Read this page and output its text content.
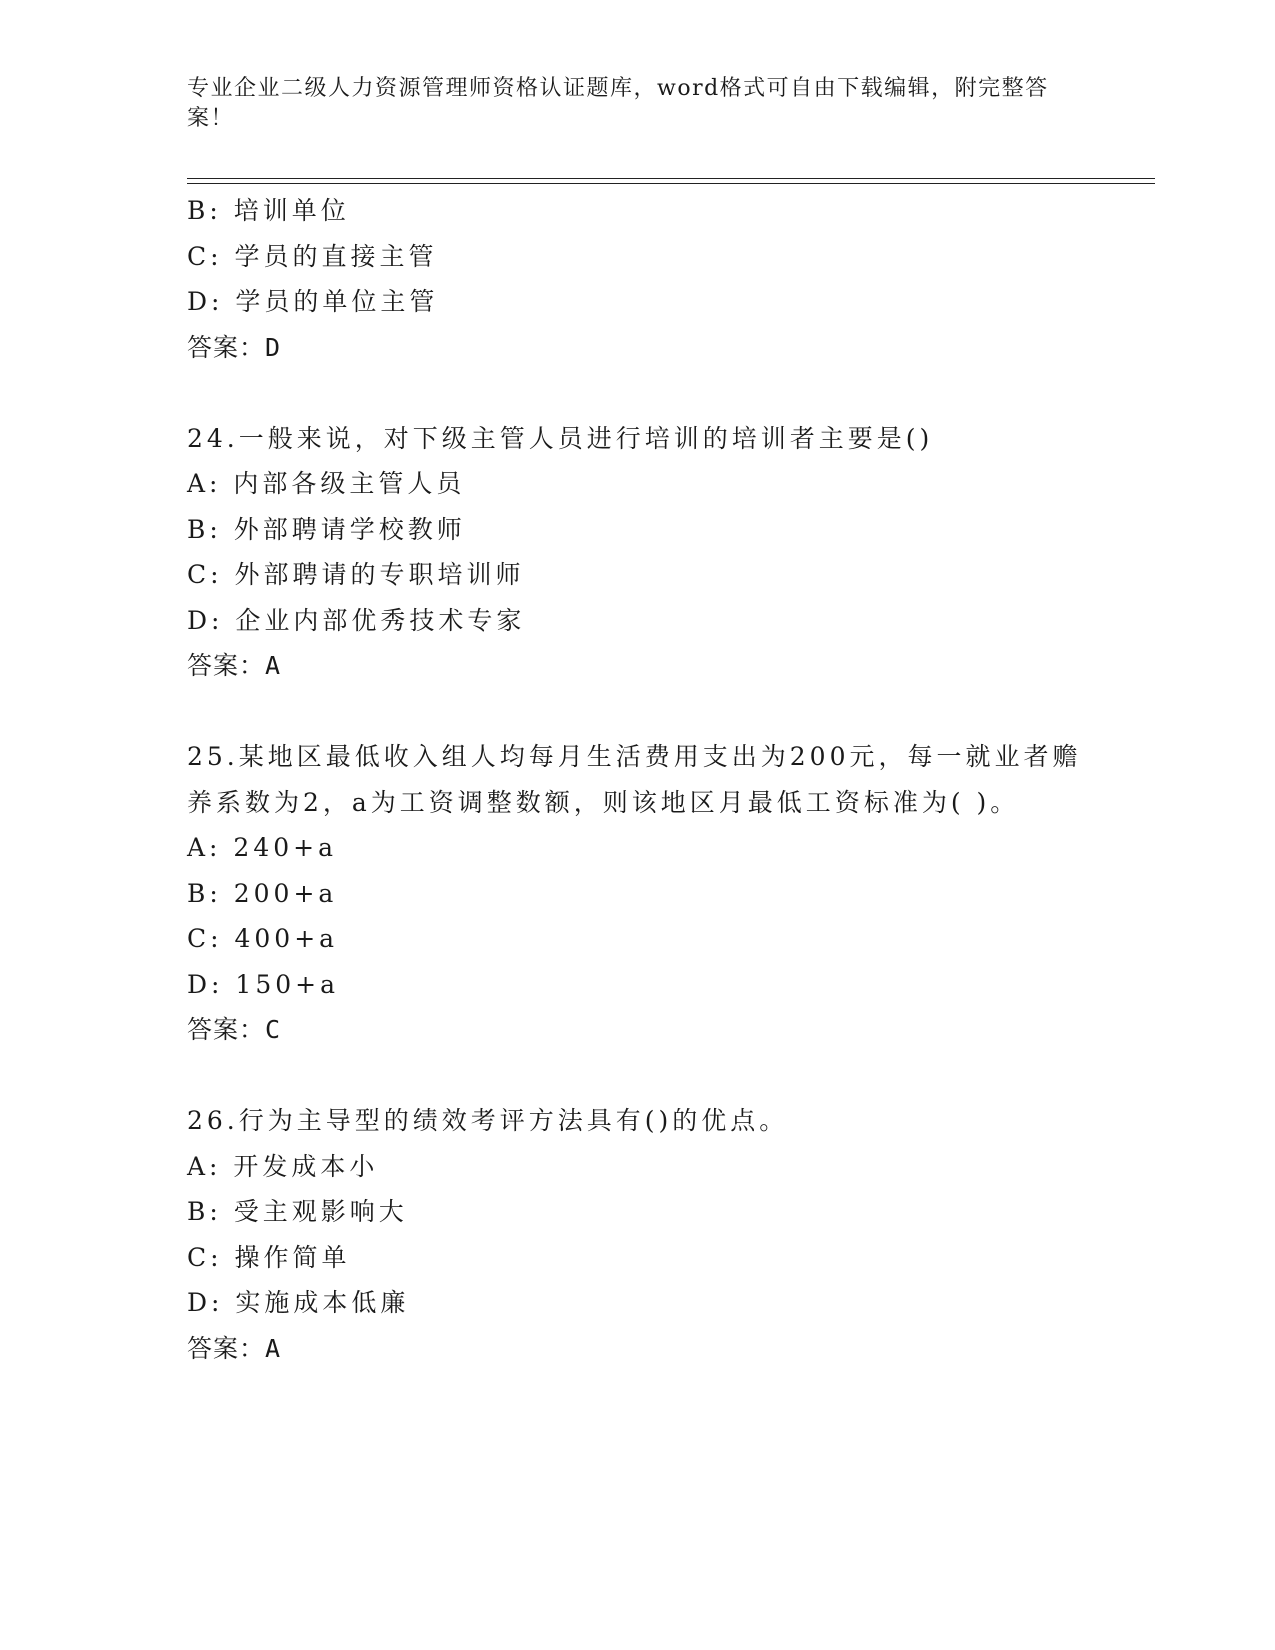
专业企业二级人力资源管理师资格认证题库，word格式可自由下载编辑，附完整答案！
B: 培训单位
C: 学员的直接主管
D: 学员的单位主管
答案：D
24.一般来说，对下级主管人员进行培训的培训者主要是()
A: 内部各级主管人员
B: 外部聘请学校教师
C: 外部聘请的专职培训师
D: 企业内部优秀技术专家
答案：A
25.某地区最低收入组人均每月生活费用支出为200元，每一就业者赡
养系数为2，a为工资调整数额，则该地区月最低工资标准为( )。
A: 240+a
B: 200+a
C: 400+a
D: 150+a
答案：C
26.行为主导型的绩效考评方法具有()的优点。
A: 开发成本小
B: 受主观影响大
C: 操作简单
D: 实施成本低廉
答案：A
